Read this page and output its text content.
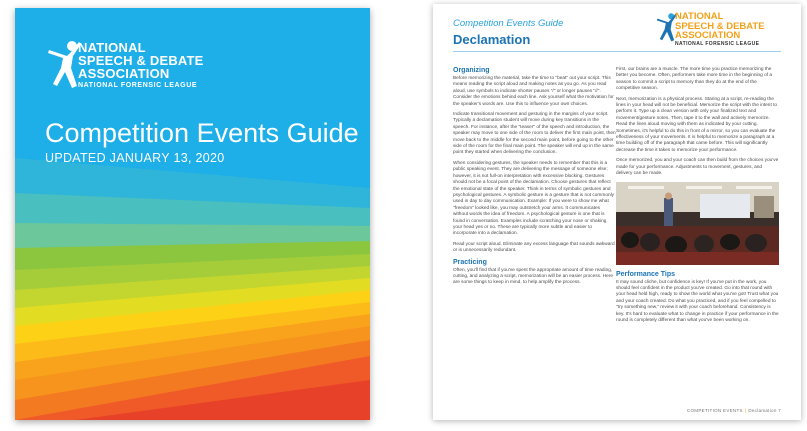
NATIONAL
SPEECH & DEBATE
ASSOCIATION
NATIONAL FORENSIC LEAGUE
Competition Events Guide
UPDATED JANUARY 13, 2020
Competition Events Guide
Declamation
NATIONAL
SPEECH & DEBATE
ASSOCIATION
NATIONAL FORENSIC LEAGUE
Organizing

Before memorizing the material, take the time to "beat" out your script. This means reading the script aloud and making notes as you go. As you read aloud, use symbols to indicate shorter pauses "/" or longer pauses "//". Consider the emotions behind each line. Ask yourself what the motivation for the speaker's words are. Use this to influence your own choices.

Indicate transitional movement and gesturing in the margins of your script. Typically a declamation student will move during key transitions in the speech. For instance, after the "teaser" of the speech and introduction, the speaker may move to one side of the room to deliver the first main point, then move back to the middle for the second main point, before going to the other side of the room for the final main point. The speaker will end up in the same point they started when delivering the conclusion.

When considering gestures, the speaker needs to remember that this is a public speaking event. They are delivering the message of someone else; however, it is not full-on interpretation with excessive blocking. Gestures should not be a focal point of the declamation. Choose gestures that reflect the emotional state of the speaker. Think in terms of symbolic gestures and psychological gestures. A symbolic gesture is a gesture that is not commonly used in day to day communication. Example: If you were to show me what "freedom" looked like, you may outstretch your arms. It communicates without words the idea of freedom. A psychological gesture is one that is found in conversation. Examples include scratching your nose or shaking your head yes or no. These are typically more subtle and easier to incorporate into a declamation.

Read your script aloud. Eliminate any excess language that sounds awkward or is unnecessarily redundant.

Practicing

Often, you'll find that if you've spent the appropriate amount of time reading, cutting, and analyzing a script, memorization will be an easier process. Here are some things to keep in mind, to help amplify the process.

First, our brains are a muscle. The more time you practice memorizing the better you become. Often, performers take more time in the beginning of a season to commit a script to memory than they do at the end of the competitive season.

Next, memorization is a physical process. Staring at a script, re-reading the lines in your head will not be beneficial. Memorize the script with the intent to perform it. Type up a clean version with only your finalized text and movement/gesture notes. Then, tape it to the wall and actively memorize. Read the lines aloud moving with them as indicated by your cutting. Sometimes, it's helpful to do this in front of a mirror, so you can evaluate the effectiveness of your movements. It is helpful to memorize a paragraph at a time building off of the paragraph that came before. This will significantly decrease the time it takes to memorize your performance.

Once memorized, you and your coach can then build from the choices you've made for your performance. Adjustments to movement, gestures, and delivery can be made.

Performance Tips

It may sound cliche, but confidence is key! If you've put in the work, you should feel confident in the product you've created. Go into that round with your head held high, ready to show the world what you've got! Trust what you and your coach created. Do what you practiced, and if you feel compelled to "try something new," review it with your coach beforehand. Consistency is key. It's hard to evaluate what to change in practice if your performance in the round is completely different than what you've been working on.

COMPETITION EVENTS | Declamation 7
